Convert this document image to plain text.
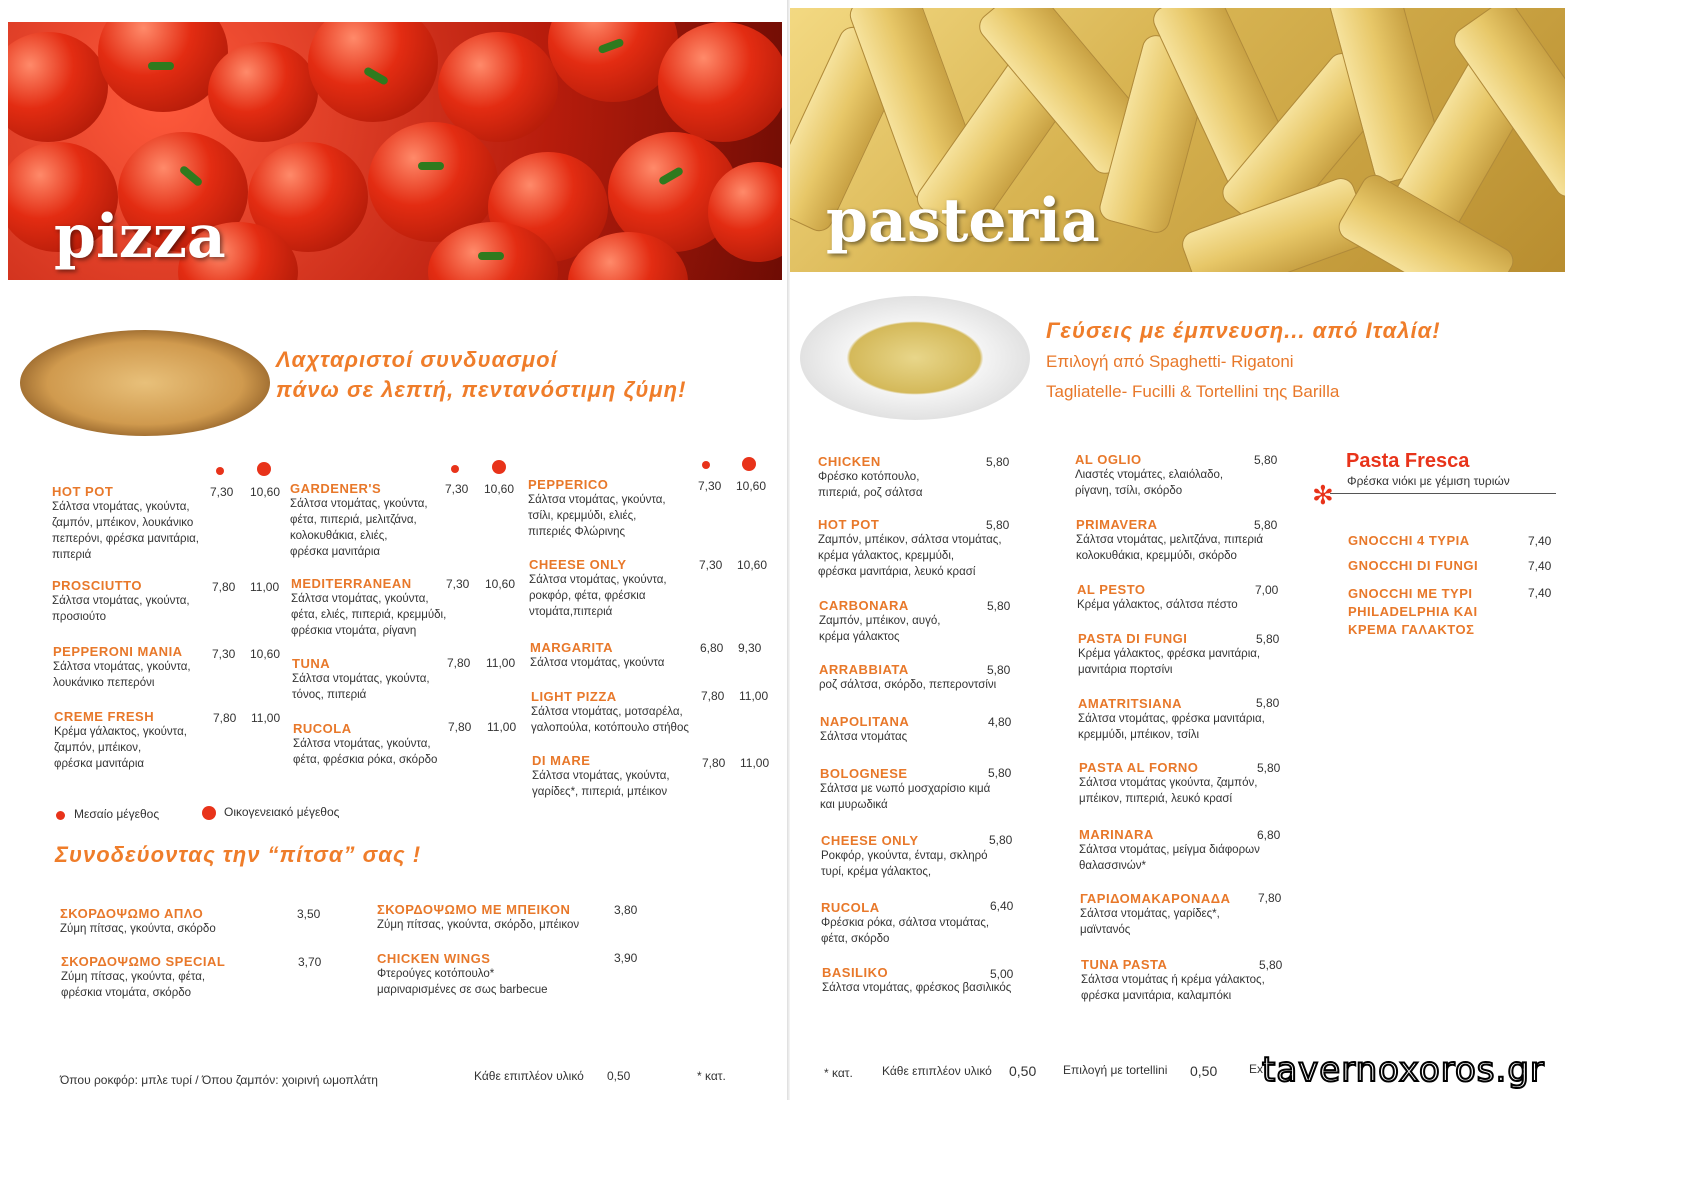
pizza
Λαχταριστοί συνδυασμοί
πάνω σε λεπτή, πεντανόστιμη ζύμη!
HOT POT
Σάλτσα ντομάτας, γκούντα,
ζαμπόν, μπέικον, λουκάνικο
πεπερόνι, φρέσκα μανιτάρια,
πιπεριά
7,30 10,60
PROSCIUTTO
Σάλτσα ντομάτας, γκούντα,
προσιούτο
7,80 11,00
PEPPERONI MANIA
Σάλτσα ντομάτας, γκούντα,
λουκάνικο πεπερόνι
7,30 10,60
CREME FRESH
Κρέμα γάλακτος, γκούντα,
ζαμπόν, μπέικον,
φρέσκα μανιτάρια
7,80 11,00
GARDENER'S
Σάλτσα ντομάτας, γκούντα,
φέτα, πιπεριά, μελιτζάνα,
κολοκυθάκια, ελιές,
φρέσκα μανιτάρια
7,30 10,60
MEDITERRANEAN
Σάλτσα ντομάτας, γκούντα,
φέτα, ελιές, πιπεριά, κρεμμύδι,
φρέσκια ντομάτα, ρίγανη
7,30 10,60
TUNA
Σάλτσα ντομάτας, γκούντα,
τόνος, πιπεριά
7,80 11,00
RUCOLA
Σάλτσα ντομάτας, γκούντα,
φέτα, φρέσκια ρόκα, σκόρδο
7,80 11,00
PEPPERICO
Σάλτσα ντομάτας, γκούντα,
τσίλι, κρεμμύδι, ελιές,
πιπεριές Φλώρινης
7,30 10,60
CHEESE ONLY
Σάλτσα ντομάτας, γκούντα,
ροκφόρ, φέτα, φρέσκια
ντομάτα,πιπεριά
7,30 10,60
MARGARITA
Σάλτσα ντομάτας, γκούντα
6,80 9,30
LIGHT PIZZA
Σάλτσα ντομάτας, μοτσαρέλα,
γαλοπούλα, κοτόπουλο στήθος
7,80 11,00
DI MARE
Σάλτσα ντομάτας, γκούντα,
γαρίδες*, πιπεριά, μπέικον
7,80 11,00
Μεσαίο μέγεθος	Οικογενειακό μέγεθος
Συνοδεύοντας την “πίτσα” σας !
ΣΚΟΡΔΟΨΩΜΟ ΑΠΛΟ
Ζύμη πίτσας, γκούντα, σκόρδο
3,50
ΣΚΟΡΔΟΨΩΜΟ SPECIAL
Ζύμη πίτσας, γκούντα, φέτα,
φρέσκια ντομάτα, σκόρδο
3,70
ΣΚΟΡΔΟΨΩΜΟ ΜΕ ΜΠΕΙΚΟΝ
Ζύμη πίτσας, γκούντα, σκόρδο, μπέικον
3,80
CHICKEN WINGS
Φτερούγες κοτόπουλο*
μαριναρισμένες σε σως barbecue
3,90
Όπου ροκφόρ: μπλε τυρί / Όπου ζαμπόν: χοιρινή ωμοπλάτη	Κάθε επιπλέον υλικό 0,50	* κατ.
pasteria
Γεύσεις με έμπνευση... από Ιταλία!
Επιλογή από Spaghetti- Rigatoni
Tagliatelle- Fucilli & Tortellini της Barilla
CHICKEN
Φρέσκο κοτόπουλο,
πιπεριά, ροζ σάλτσα
5,80
HOT POT
Ζαμπόν, μπέικον, σάλτσα ντομάτας,
κρέμα γάλακτος, κρεμμύδι,
φρέσκα μανιτάρια, λευκό κρασί
5,80
CARBONARA
Ζαμπόν, μπέικον, αυγό,
κρέμα γάλακτος
5,80
ARRABBIATA
ροζ σάλτσα, σκόρδο, πεπεροντσίνι
5,80
NAPOLITANA
Σάλτσα ντομάτας
4,80
BOLOGNESE
Σάλτσα με νωπό μοσχαρίσιο κιμά
και μυρωδικά
5,80
CHEESE ONLY
Ροκφόρ, γκούντα, ένταμ, σκληρό
τυρί, κρέμα γάλακτος,
5,80
RUCOLA
Φρέσκια ρόκα, σάλτσα ντομάτας,
φέτα, σκόρδο
6,40
BASILIKO
Σάλτσα ντομάτας, φρέσκος βασιλικός
5,00
AL OGLIO
Λιαστές ντομάτες, ελαιόλαδο,
ρίγανη, τσίλι, σκόρδο
5,80
PRIMAVERA
Σάλτσα ντομάτας, μελιτζάνα, πιπεριά
κολοκυθάκια, κρεμμύδι, σκόρδο
5,80
AL PESTO
Κρέμα γάλακτος, σάλτσα πέστο
7,00
PASTA DI FUNGI
Κρέμα γάλακτος, φρέσκα μανιτάρια,
μανιτάρια πορτσίνι
5,80
AMATRITSIANA
Σάλτσα ντομάτας, φρέσκα μανιτάρια,
κρεμμύδι, μπέικον, τσίλι
5,80
PASTA AL FORNO
Σάλτσα ντομάτας γκούντα, ζαμπόν,
μπέικον, πιπεριά, λευκό κρασί
5,80
MARINARA
Σάλτσα ντομάτας, μείγμα διάφορων
θαλασσινών*
6,80
ΓΑΡΙΔΟΜΑΚΑΡΟΝΑΔΑ
Σάλτσα ντομάτας, γαρίδες*,
μαϊντανός
7,80
TUNA PASTA
Σάλτσα ντομάτας ή κρέμα γάλακτος,
φρέσκα μανιτάρια, καλαμπόκι
5,80
Pasta Fresca
Φρέσκα νιόκι με γέμιση τυριών
✻
GNOCCHI 4 ΤΥΡΙΑ	7,40
GNOCCHI DI FUNGI	7,40
GNOCCHI ΜΕ ΤΥΡΙ PHILADELPHIA ΚΑΙ ΚΡΕΜΑ ΓΑΛΑΚΤΟΣ
7,40
* κατ. Κάθε επιπλέον υλικό 0,50 Επιλογή με tortellini 0,50	Ex
tavernoxoros.gr
